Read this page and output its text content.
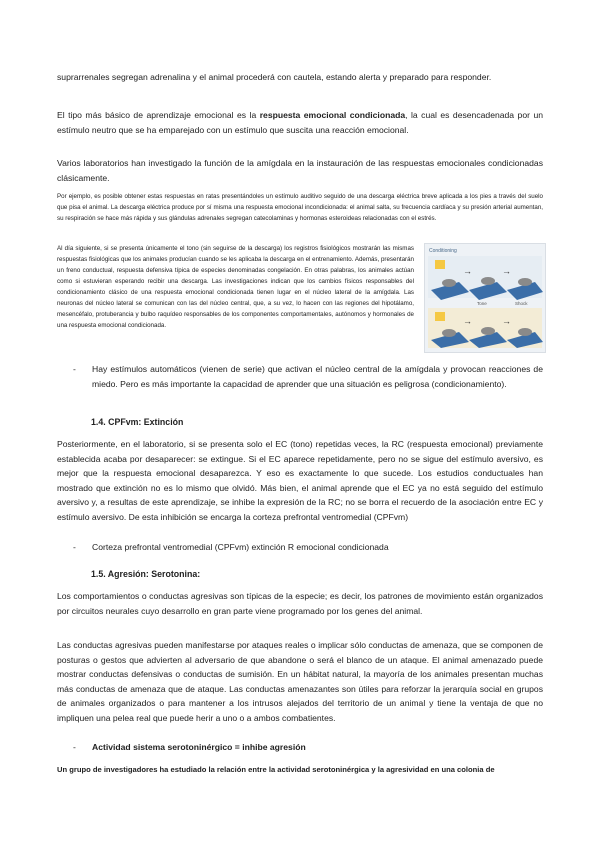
suprarrenales segregan adrenalina y el animal procederá con cautela, estando alerta y preparado para responder.

El tipo más básico de aprendizaje emocional es la respuesta emocional condicionada, la cual es desencadenada por un estímulo neutro que se ha emparejado con un estímulo que suscita una reacción emocional.

Varios laboratorios han investigado la función de la amígdala en la instauración de las respuestas emocionales condicionadas clásicamente.

Por ejemplo, es posible obtener estas respuestas en ratas presentándoles un estímulo auditivo seguido de una descarga eléctrica breve aplicada a los pies a través del suelo que pisa el animal. La descarga eléctrica produce por sí misma una respuesta emocional incondicionada: el animal salta, su frecuencia cardíaca y su presión arterial aumentan, su respiración se hace más rápida y sus glándulas adrenales segregan catecolaminas y hormonas esteroideas relacionadas con el estrés.

Al día siguiente, si se presenta únicamente el tono (sin seguirse de la descarga) los registros fisiológicos mostrarán las mismas respuestas fisiológicas que los animales producían cuando se les aplicaba la descarga en el entrenamiento. Además, presentarán un freno conductual, respuesta defensiva típica de especies denominadas congelación. En otras palabras, los animales actúan como si estuvieran esperando recibir una descarga. Las investigaciones indican que los cambios físicos responsables del condicionamiento clásico de una respuesta emocional condicionada tienen lugar en el núcleo lateral de la amígdala. Las neuronas del núcleo lateral se comunican con las del núcleo central, que, a su vez, lo hacen con las regiones del hipotálamo, mesencéfalo, protuberancia y bulbo raquídeo responsables de los componentes comportamentales, autónomos y hormonales de una respuesta emocional condicionada.

Conditioning
→	→
Tone	Shock
→	→
- Hay estímulos automáticos (vienen de serie) que activan el núcleo central de la amígdala y provocan reacciones de miedo. Pero es más importante la capacidad de aprender que una situación es peligrosa (condicionamiento).

1.4. CPFvm: Extinción

Posteriormente, en el laboratorio, si se presenta solo el EC (tono) repetidas veces, la RC (respuesta emocional) previamente establecida acaba por desaparecer: se extingue. Si el EC aparece repetidamente, pero no se sigue del estímulo aversivo, es mejor que la respuesta emocional desaparezca. Y eso es exactamente lo que sucede. Los estudios conductuales han mostrado que extinción no es lo mismo que olvidó. Más bien, el animal aprende que el EC ya no está seguido del estímulo aversivo y, a resultas de este aprendizaje, se inhibe la expresión de la RC; no se borra el recuerdo de la asociación entre EC y estímulo aversivo. De esta inhibición se encarga la corteza prefrontal ventromedial (CPFvm)

- Corteza prefrontal ventromedial (CPFvm) extinción R emocional condicionada

1.5. Agresión: Serotonina:

Los comportamientos o conductas agresivas son típicas de la especie; es decir, los patrones de movimiento están organizados por circuitos neurales cuyo desarrollo en gran parte viene programado por los genes del animal.

Las conductas agresivas pueden manifestarse por ataques reales o implicar sólo conductas de amenaza, que se componen de posturas o gestos que advierten al adversario de que abandone o será el blanco de un ataque. El animal amenazado puede mostrar conductas defensivas o conductas de sumisión. En un hábitat natural, la mayoría de los animales presentan muchas más conductas de amenaza que de ataque. Las conductas amenazantes son útiles para reforzar la jerarquía social en grupos de animales organizados o para mantener a los intrusos alejados del territorio de un animal y tiene la ventaja de que no impliquen una pelea real que puede herir a uno o a ambos combatientes.

- Actividad sistema serotoninérgico = inhibe agresión

Un grupo de investigadores ha estudiado la relación entre la actividad serotoninérgica y la agresividad en una colonia de
